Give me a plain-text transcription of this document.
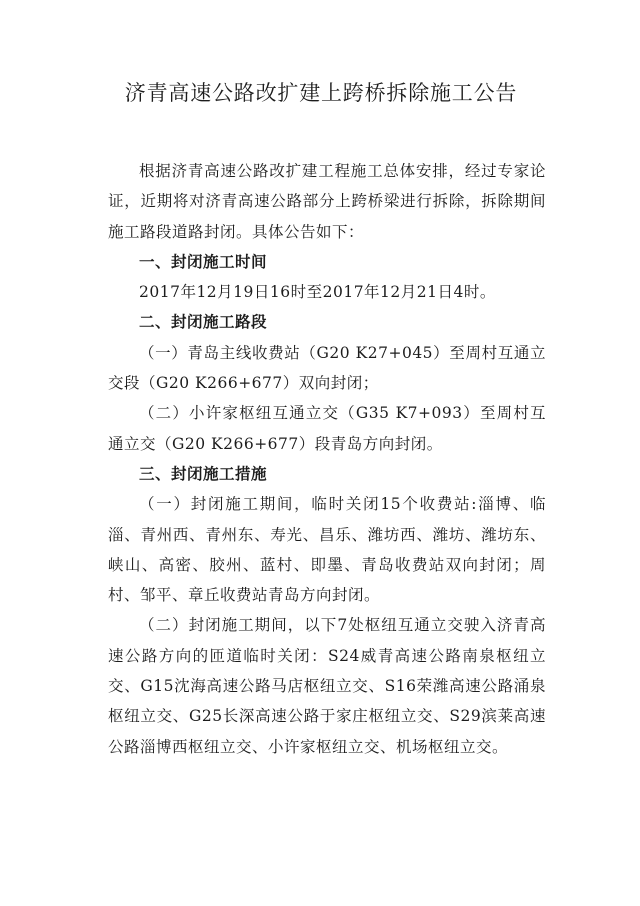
济青高速公路改扩建上跨桥拆除施工公告

根据济青高速公路改扩建工程施工总体安排，经过专家论证，近期将对济青高速公路部分上跨桥梁进行拆除，拆除期间施工路段道路封闭。具体公告如下：

一、封闭施工时间

2017年12月19日16时至2017年12月21日4时。

二、封闭施工路段

（一）青岛主线收费站（G20 K27+045）至周村互通立交段（G20 K266+677）双向封闭；

（二）小许家枢纽互通立交（G35 K7+093）至周村互通立交（G20 K266+677）段青岛方向封闭。

三、封闭施工措施

（一）封闭施工期间，临时关闭15个收费站:淄博、临淄、青州西、青州东、寿光、昌乐、潍坊西、潍坊、潍坊东、峡山、高密、胶州、蓝村、即墨、青岛收费站双向封闭；周村、邹平、章丘收费站青岛方向封闭。

（二）封闭施工期间，以下7处枢纽互通立交驶入济青高速公路方向的匝道临时关闭：S24威青高速公路南泉枢纽立交、G15沈海高速公路马店枢纽立交、S16荣潍高速公路涌泉枢纽立交、G25长深高速公路于家庄枢纽立交、S29滨莱高速公路淄博西枢纽立交、小许家枢纽立交、机场枢纽立交。
